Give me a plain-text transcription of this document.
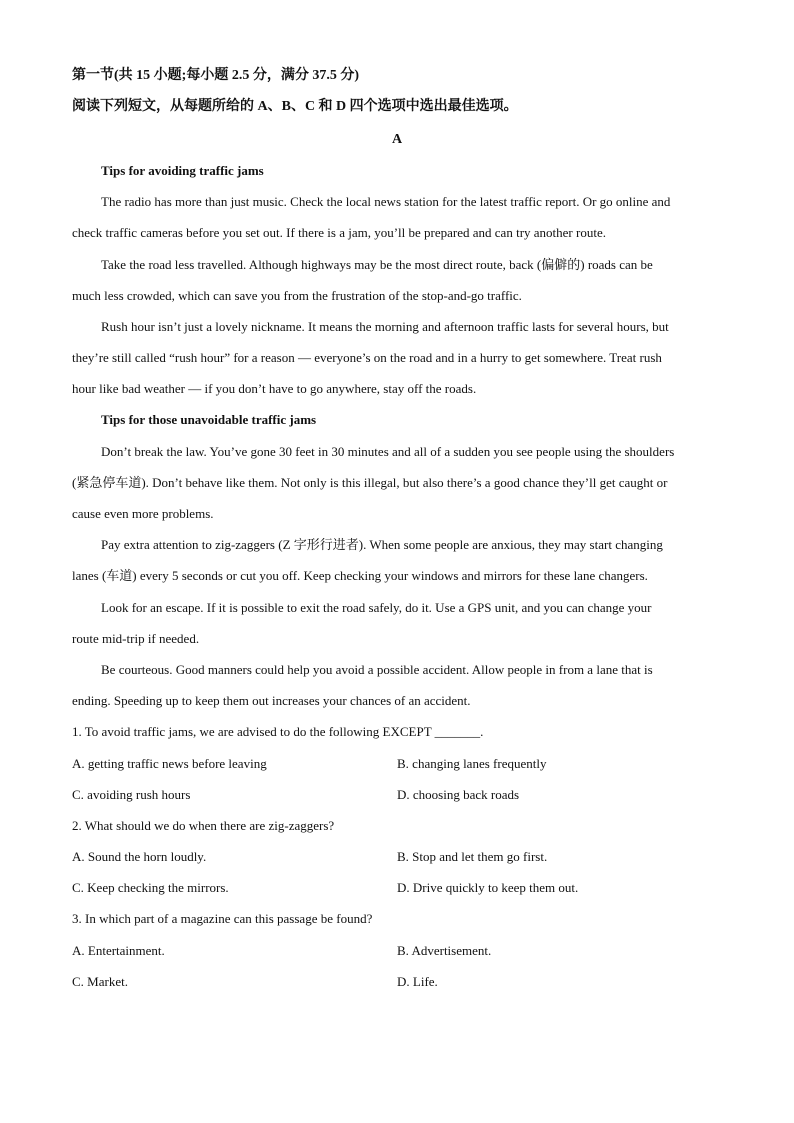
第一节(共 15 小题;每小题 2.5 分，满分 37.5 分)
阅读下列短文，从每题所给的 A、B、C 和 D 四个选项中选出最佳选项。
A
Tips for avoiding traffic jams
The radio has more than just music. Check the local news station for the latest traffic report. Or go online and
check traffic cameras before you set out. If there is a jam, you’ll be prepared and can try another route.
Take the road less travelled. Although highways may be the most direct route, back (偏僻的) roads can be
much less crowded, which can save you from the frustration of the stop-and-go traffic.
Rush hour isn’t just a lovely nickname. It means the morning and afternoon traffic lasts for several hours, but
they’re still called “rush hour” for a reason — everyone’s on the road and in a hurry to get somewhere. Treat rush
hour like bad weather — if you don’t have to go anywhere, stay off the roads.
Tips for those unavoidable traffic jams
Don’t break the law. You’ve gone 30 feet in 30 minutes and all of a sudden you see people using the shoulders
(紧急停车道). Don’t behave like them. Not only is this illegal, but also there’s a good chance they’ll get caught or
cause even more problems.
Pay extra attention to zig-zaggers (Z 字形行进者). When some people are anxious, they may start changing
lanes (车道) every 5 seconds or cut you off. Keep checking your windows and mirrors for these lane changers.
Look for an escape. If it is possible to exit the road safely, do it. Use a GPS unit, and you can change your
route mid-trip if needed.
Be courteous. Good manners could help you avoid a possible accident. Allow people in from a lane that is
ending. Speeding up to keep them out increases your chances of an accident.
1. To avoid traffic jams, we are advised to do the following EXCEPT _______.
A. getting traffic news before leaving	B. changing lanes frequently
C. avoiding rush hours	D. choosing back roads
2. What should we do when there are zig-zaggers?
A. Sound the horn loudly.	B. Stop and let them go first.
C. Keep checking the mirrors.	D. Drive quickly to keep them out.
3. In which part of a magazine can this passage be found?
A. Entertainment.	B. Advertisement.
C. Market.	D. Life.
